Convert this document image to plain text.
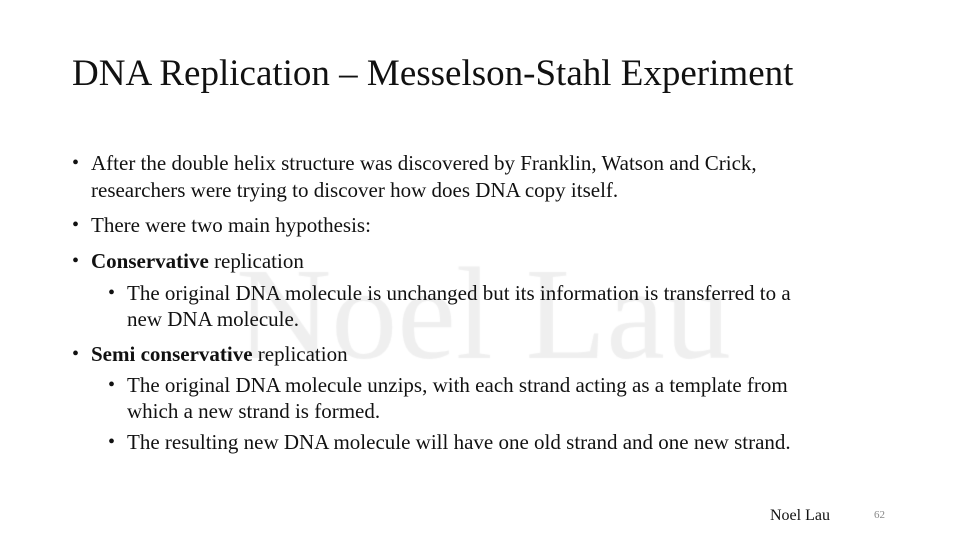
DNA Replication – Messelson-Stahl Experiment
• After the double helix structure was discovered by Franklin, Watson and Crick,
researchers were trying to discover how does DNA copy itself.
• There were two main hypothesis:
• Conservative replication
• The original DNA molecule is unchanged but its information is transferred to a
new DNA molecule.
• Semi conservative replication
• The original DNA molecule unzips, with each strand acting as a template from
which a new strand is formed.
• The resulting new DNA molecule will have one old strand and one new strand.
Noel Lau	62
